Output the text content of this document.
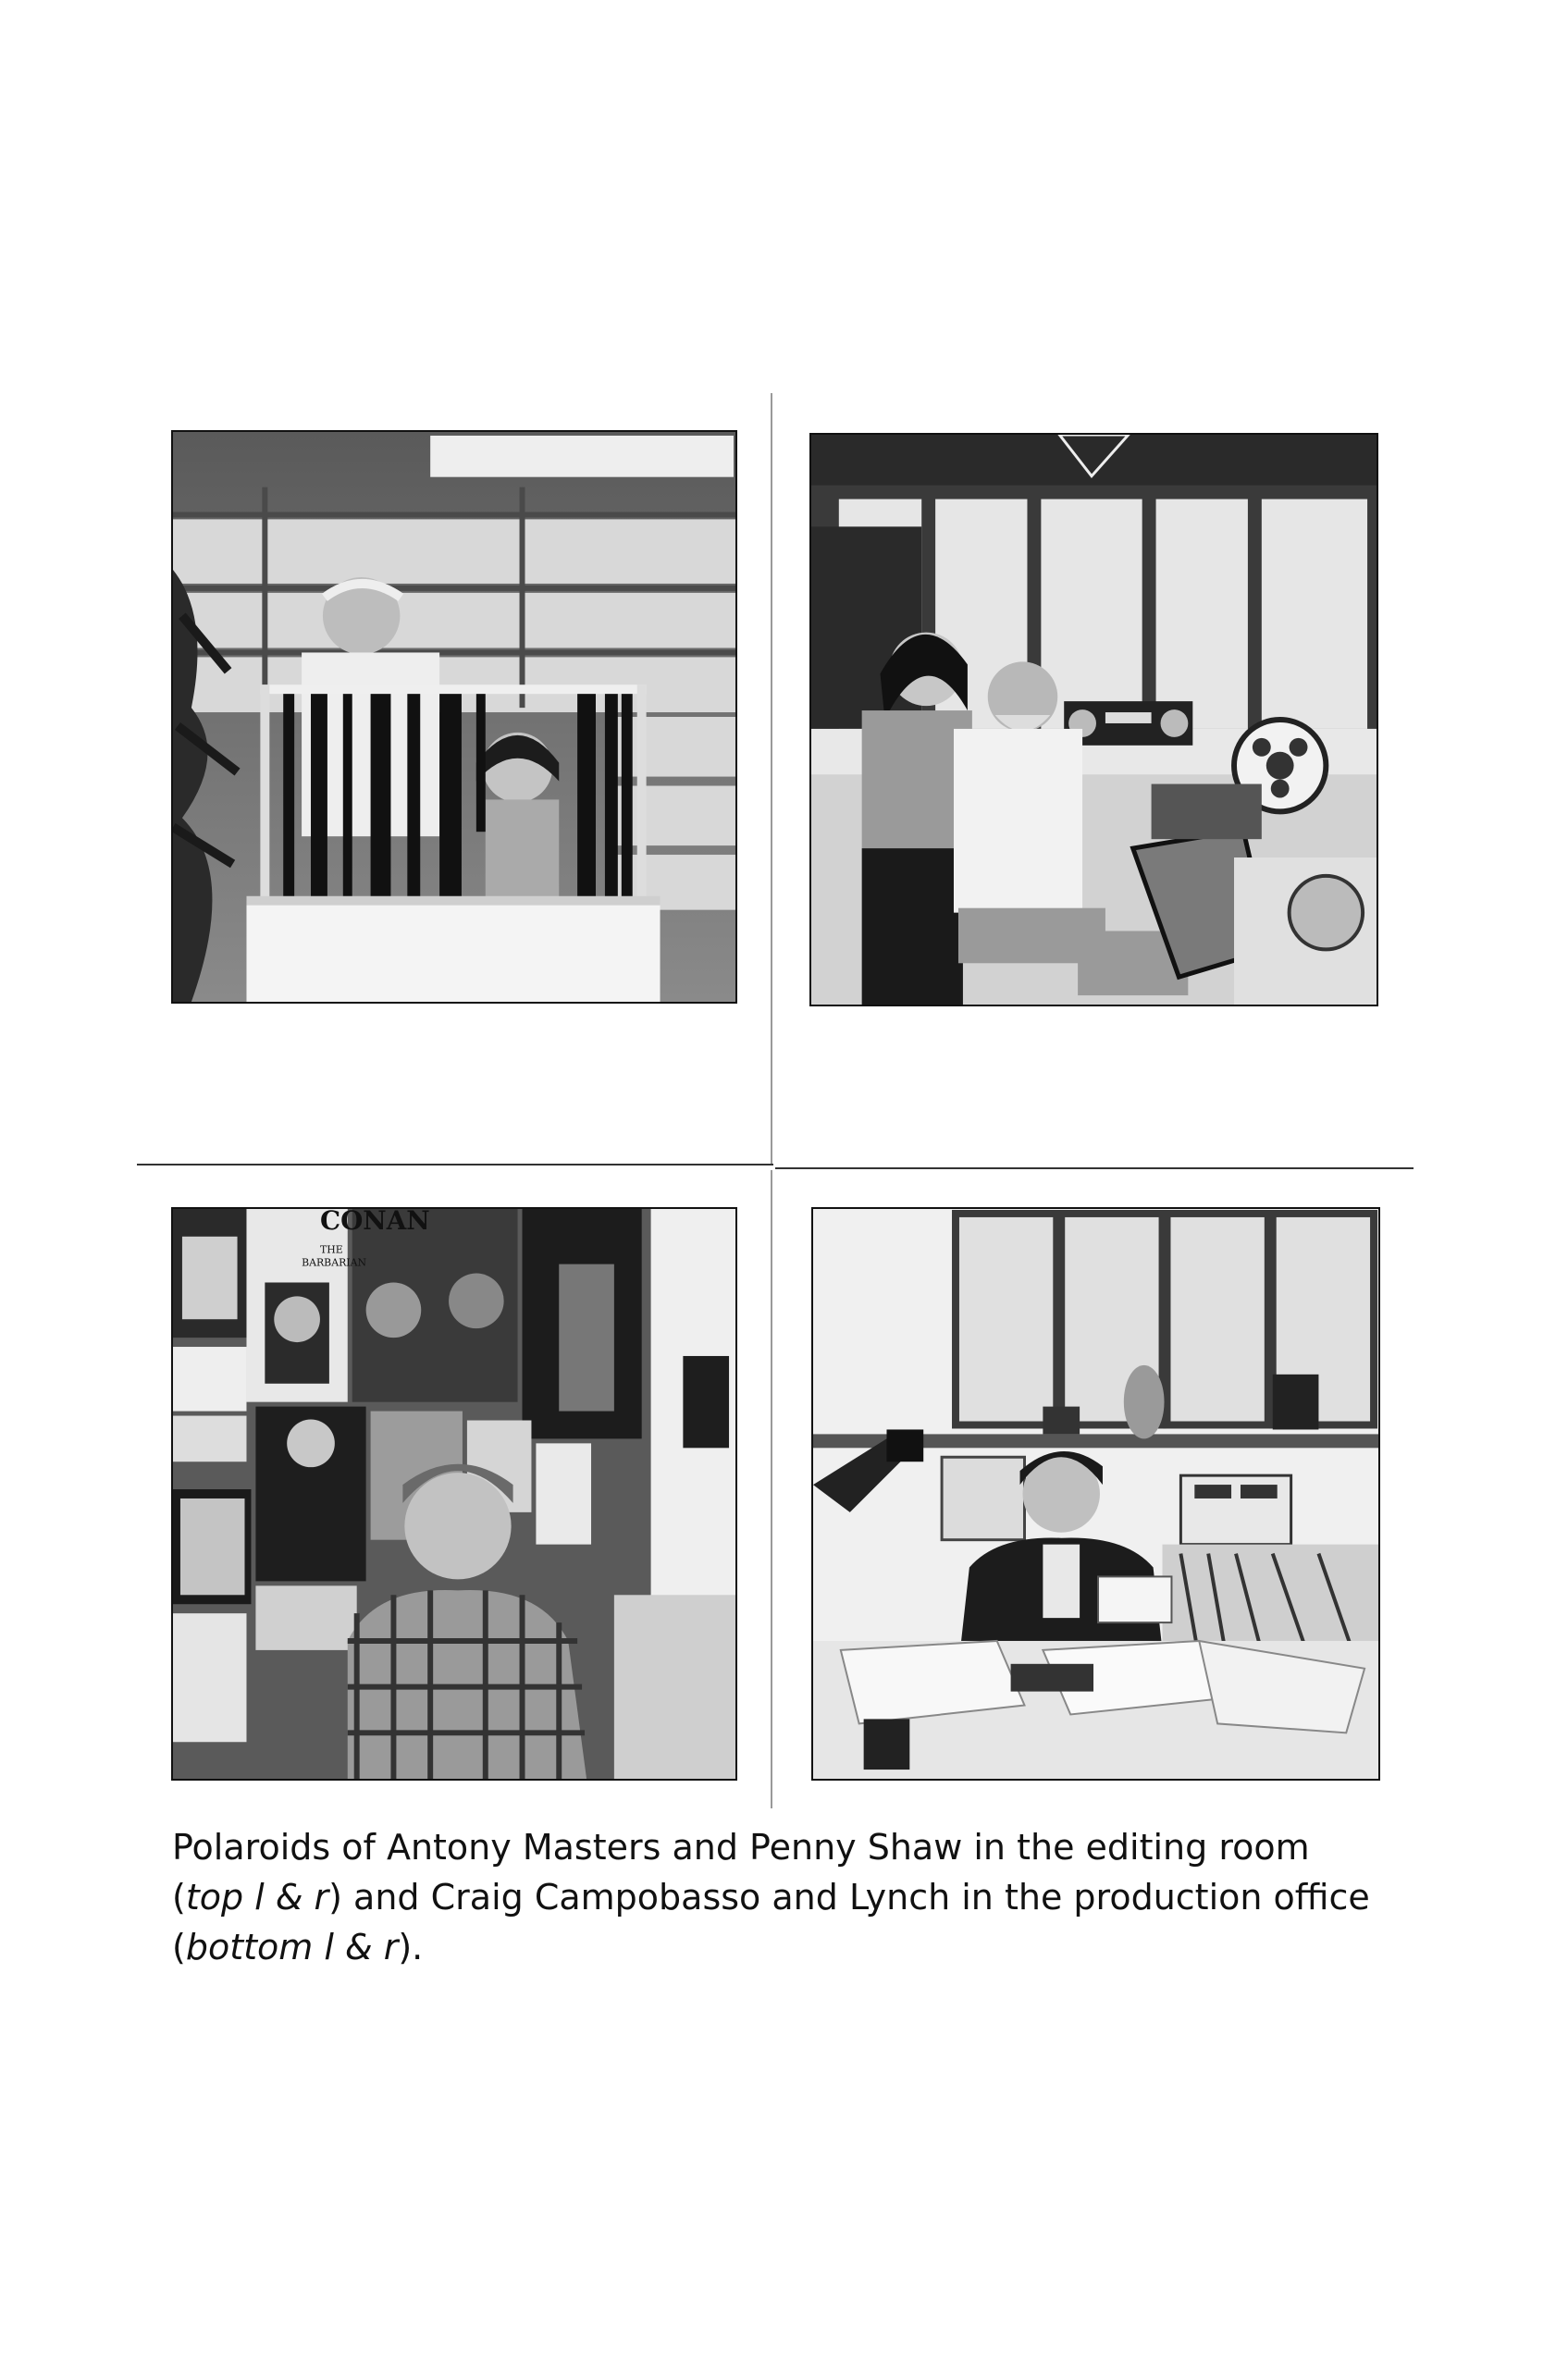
CONAN
THE
BARBARIAN
Polaroids of Antony Masters and Penny Shaw in the editing room
(top l & r) and Craig Campobasso and Lynch in the production office
(bottom l & r).
